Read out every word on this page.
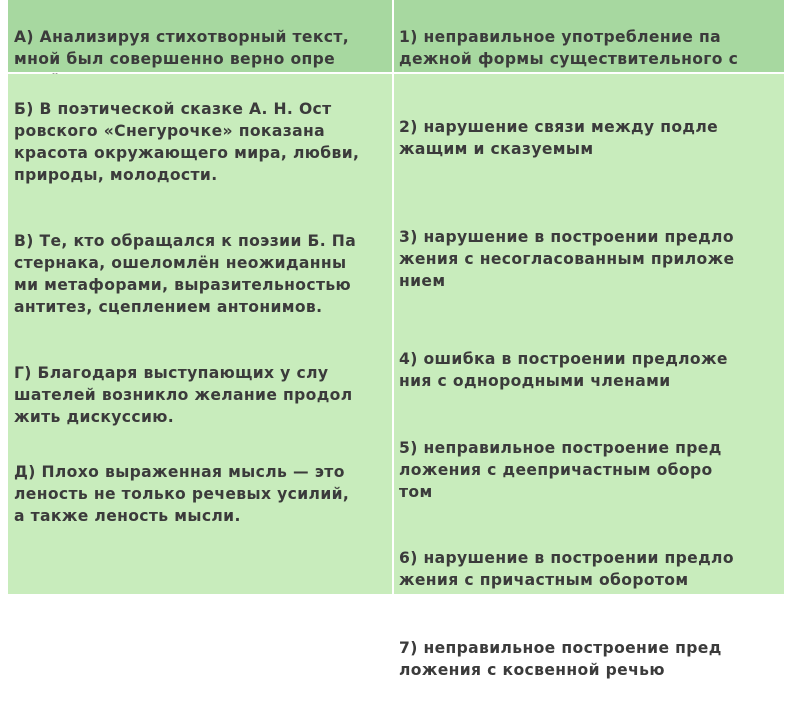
А) Анализируя стихотворный текст,
мной был совершенно верно опре

1) неправильное употребление па
дежной формы существительного с

Б) В поэтической сказке А. Н. Ост
ровского «Снегурочке» показана
красота окружающего мира, любви,
природы, молодости.

В) Те, кто обращался к поэзии Б. Па
стернака, ошеломлён неожиданны
ми метафорами, выразительностью
антитез, сцеплением антонимов.

Г) Благодаря выступающих у слу
шателей возникло желание продол
жить дискуссию.

Д) Плохо выраженная мысль — это
леность не только речевых усилий,
а также леность мысли.

2) нарушение связи между подле
жащим и сказуемым

3) нарушение в построении предло
жения с несогласованным приложе
нием

4) ошибка в построении предложе
ния с однородными членами

5) неправильное построение пред
ложения с деепричастным оборо
том

6) нарушение в построении предло
жения с причастным оборотом

7) неправильное построение пред
ложения с косвенной речью
